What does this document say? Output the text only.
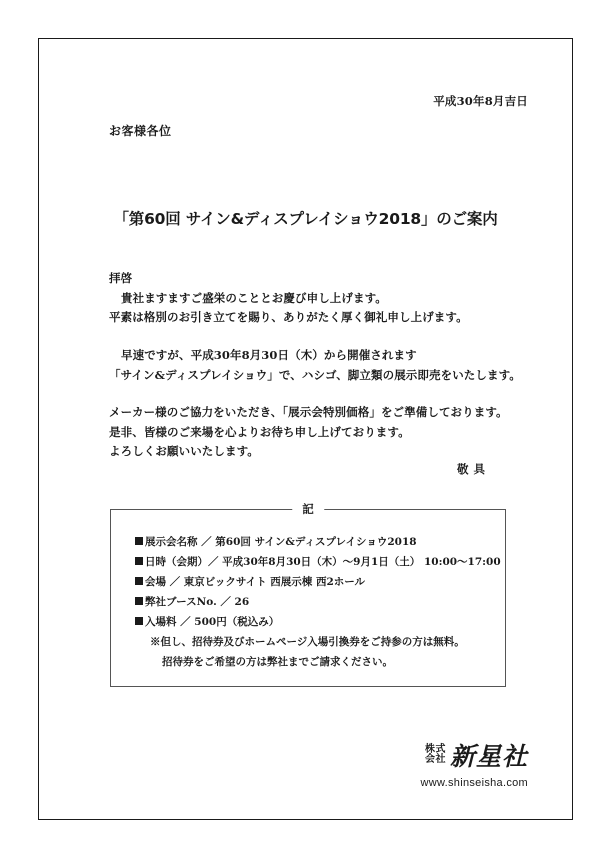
平成30年8月吉日
お客様各位
「第60回 サイン&ディスプレイショウ2018」のご案内
拝啓
貴社ますますご盛栄のこととお慶び申し上げます。
平素は格別のお引き立てを賜り、ありがたく厚く御礼申し上げます。
早速ですが、平成30年8月30日（木）から開催されます
「サイン&ディスプレイショウ」で、ハシゴ、脚立類の展示即売をいたします。
メーカー様のご協力をいただき、「展示会特別価格」をご準備しております。
是非、皆様のご来場を心よりお待ち申し上げております。
よろしくお願いいたします。
敬具
記
展示会名称 ／ 第60回 サイン&ディスプレイショウ2018
日時（会期）／ 平成30年8月30日（木）～9月1日（土） 10:00～17:00
会場 ／ 東京ビックサイト 西展示棟 西2ホール
弊社ブースNo. ／ 26
入場料 ／ 500円（税込み）
※但し、招待券及びホームページ入場引換券をご持参の方は無料。
招待券をご希望の方は弊社までご請求ください。
株式
会社 新星社
www.shinseisha.com
